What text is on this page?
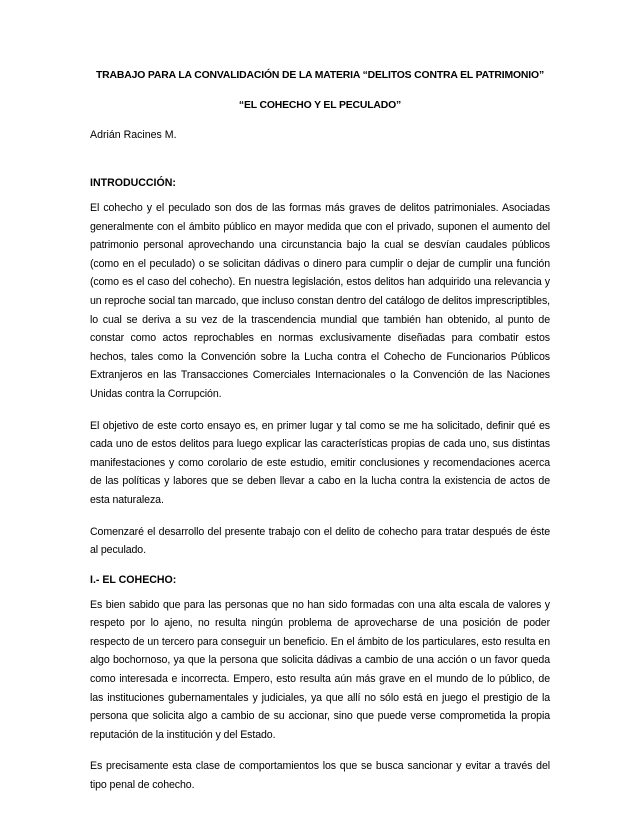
TRABAJO PARA LA CONVALIDACIÓN DE LA MATERIA “DELITOS CONTRA EL PATRIMONIO”

“EL COHECHO Y EL PECULADO”

Adrián Racines M.

INTRODUCCIÓN:

El cohecho y el peculado son dos de las formas más graves de delitos patrimoniales. Asociadas generalmente con el ámbito público en mayor medida que con el privado, suponen el aumento del patrimonio personal aprovechando una circunstancia bajo la cual se desvían caudales públicos (como en el peculado) o se solicitan dádivas o dinero para cumplir o dejar de cumplir una función (como es el caso del cohecho). En nuestra legislación, estos delitos han adquirido una relevancia y un reproche social tan marcado, que incluso constan dentro del catálogo de delitos imprescriptibles, lo cual se deriva a su vez de la trascendencia mundial que también han obtenido, al punto de constar como actos reprochables en normas exclusivamente diseñadas para combatir estos hechos, tales como la Convención sobre la Lucha contra el Cohecho de Funcionarios Públicos Extranjeros en las Transacciones Comerciales Internacionales o la Convención de las Naciones Unidas contra la Corrupción.

El objetivo de este corto ensayo es, en primer lugar y tal como se me ha solicitado, definir qué es cada uno de estos delitos para luego explicar las características propias de cada uno, sus distintas manifestaciones y como corolario de este estudio, emitir conclusiones y recomendaciones acerca de las políticas y labores que se deben llevar a cabo en la lucha contra la existencia de actos de esta naturaleza.

Comenzaré el desarrollo del presente trabajo con el delito de cohecho para tratar después de éste al peculado.

I.- EL COHECHO:

Es bien sabido que para las personas que no han sido formadas con una alta escala de valores y respeto por lo ajeno, no resulta ningún problema de aprovecharse de una posición de poder respecto de un tercero para conseguir un beneficio. En el ámbito de los particulares, esto resulta en algo bochornoso, ya que la persona que solicita dádivas a cambio de una acción o un favor queda como interesada e incorrecta. Empero, esto resulta aún más grave en el mundo de lo público, de las instituciones gubernamentales y judiciales, ya que allí no sólo está en juego el prestigio de la persona que solicita algo a cambio de su accionar, sino que puede verse comprometida la propia reputación de la institución y del Estado.

Es precisamente esta clase de comportamientos los que se busca sancionar y evitar a través del tipo penal de cohecho.
